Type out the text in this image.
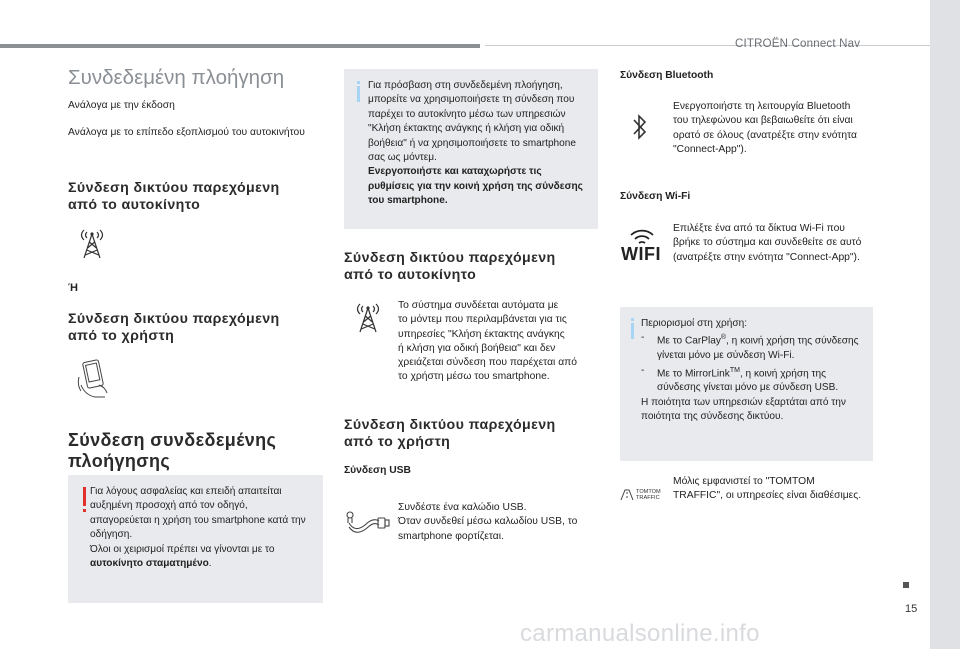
CITROËN Connect Nav
15
carmanualsonline.info
Συνδεδεμένη πλοήγηση
Ανάλογα με την έκδοση
Ανάλογα με το επίπεδο εξοπλισμού του αυτοκινήτου
Σύνδεση δικτύου παρεχόμενη
από το αυτοκίνητο
Ή
Σύνδεση δικτύου παρεχόμενη
από το χρήστη
Σύνδεση συνδεδεμένης
πλοήγησης
Για λόγους ασφαλείας και επειδή απαιτείται
αυξημένη προσοχή από τον οδηγό,
απαγορεύεται η χρήση του smartphone κατά την
οδήγηση.
Όλοι οι χειρισμοί πρέπει να γίνονται με το
αυτοκίνητο σταματημένο.
Για πρόσβαση στη συνδεδεμένη πλοήγηση,
μπορείτε να χρησιμοποιήσετε τη σύνδεση που
παρέχει το αυτοκίνητο μέσω των υπηρεσιών
"Κλήση έκτακτης ανάγκης ή κλήση για οδική
βοήθεια" ή να χρησιμοποιήσετε το smartphone
σας ως μόντεμ.
Ενεργοποιήστε και καταχωρήστε τις
ρυθμίσεις για την κοινή χρήση της σύνδεσης
του smartphone.
Σύνδεση δικτύου παρεχόμενη
από το αυτοκίνητο
Το σύστημα συνδέεται αυτόματα με
το μόντεμ που περιλαμβάνεται για τις
υπηρεσίες "Κλήση έκτακτης ανάγκης
ή κλήση για οδική βοήθεια" και δεν
χρειάζεται σύνδεση που παρέχεται από
το χρήστη μέσω του smartphone.
Σύνδεση δικτύου παρεχόμενη
από το χρήστη
Σύνδεση USB
Συνδέστε ένα καλώδιο USB.
Όταν συνδεθεί μέσω καλωδίου USB, το
smartphone φορτίζεται.
Σύνδεση Bluetooth
Ενεργοποιήστε τη λειτουργία Bluetooth
του τηλεφώνου και βεβαιωθείτε ότι είναι
ορατό σε όλους (ανατρέξτε στην ενότητα
"Connect-App").
Σύνδεση Wi-Fi
WIFI
Επιλέξτε ένα από τα δίκτυα Wi-Fi που
βρήκε το σύστημα και συνδεθείτε σε αυτό
(ανατρέξτε στην ενότητα "Connect-App").
Περιορισμοί στη χρήση:
- Με το CarPlay®, η κοινή χρήση της σύνδεσης
γίνεται μόνο με σύνδεση Wi-Fi.
- Με το MirrorLink™, η κοινή χρήση της
σύνδεσης γίνεται μόνο με σύνδεση USB.
Η ποιότητα των υπηρεσιών εξαρτάται από την
ποιότητα της σύνδεσης δικτύου.
TOMTOM
TRAFFIC
Μόλις εμφανιστεί το "TOMTOM
TRAFFIC", οι υπηρεσίες είναι διαθέσιμες.
